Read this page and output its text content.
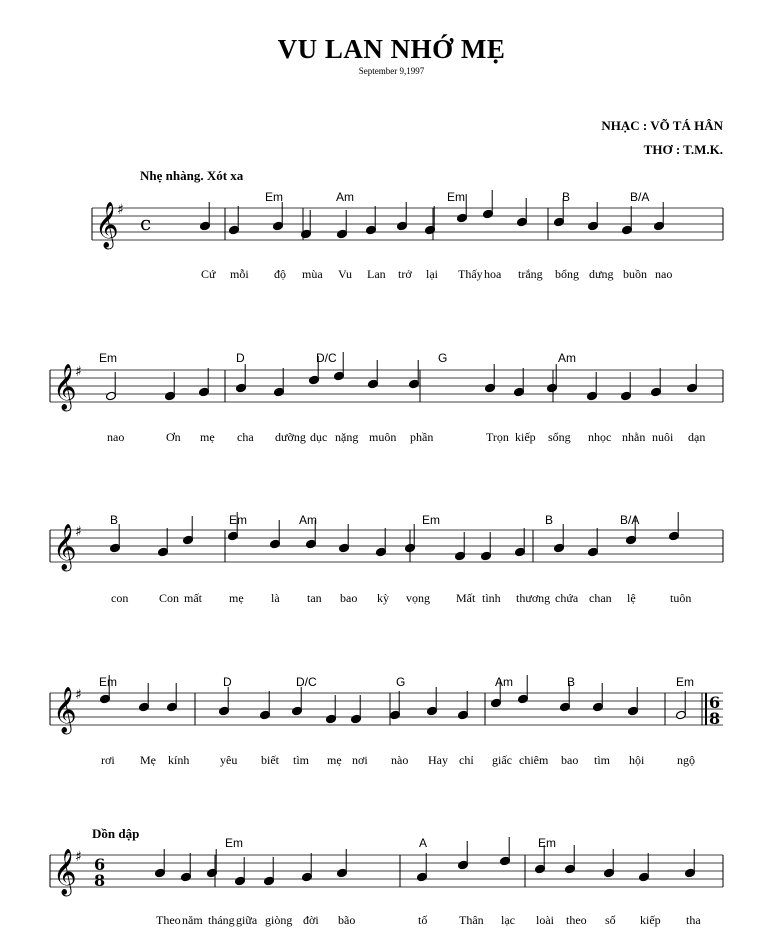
VU LAN NHỚ MẸ
September 9,1997
NHẠC : VÕ TÁ HÂN
THƠ : T.M.K.
Nhẹ nhàng. Xót xa
Dồn dập
𝄞
♯
c
𝄞
♯
𝄞
♯
𝄞
♯	6
8
𝄞
♯ 6
8
Em	Am	Em	B	B/A
Cứ mỗi độ mùa Vu Lan trở lại Thấy hoa trắng bổng dưng buồn nao
Em	D	D/C	G	Am
nao	Ơn mẹ cha dưỡng dục nặng muôn phần	Trọn kiếp sống nhọc nhằn nuôi dạn
B	Em	Am	Em	B	B/A
con	Con mất mẹ là tan bao kỳ vọng Mất tình thương chứa chan lệ	tuôn
Em	D	D/C	G	Am	B	Em
rơi Mẹ kính	yêu biết tìm mẹ nơi nào Hay chỉ giấc chiêm bao tìm hội	ngộ
Em	A	Em
Theo năm tháng giữa giòng đời bão	tố	Thân lạc loài theo số kiếp tha
